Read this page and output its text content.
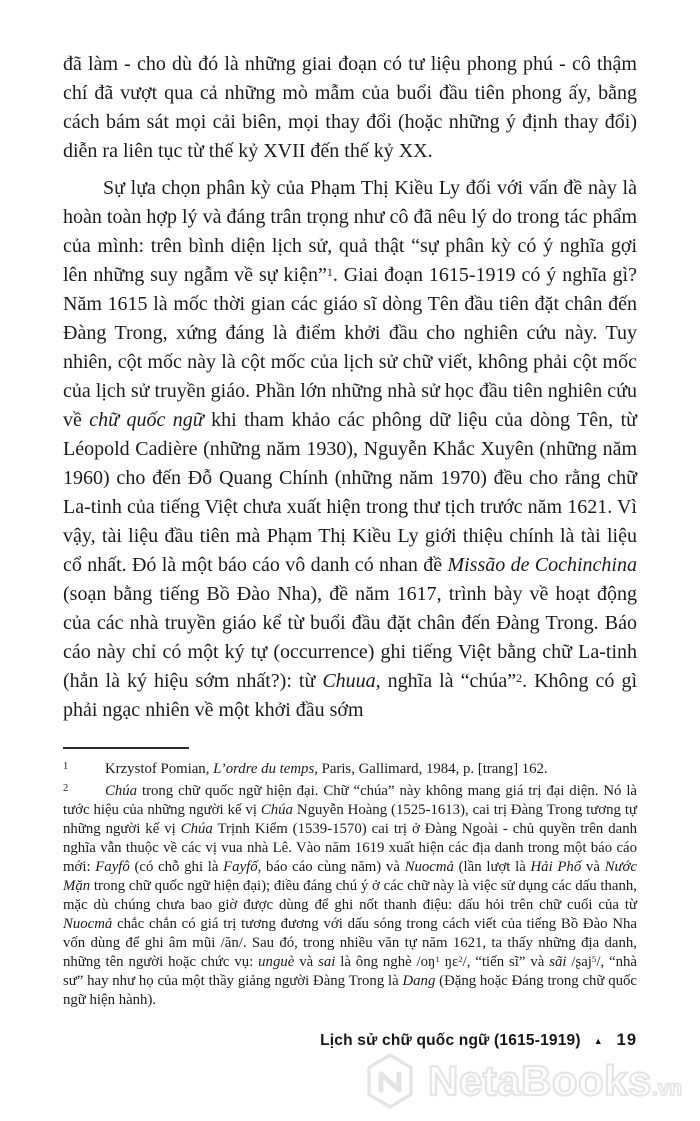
đã làm - cho dù đó là những giai đoạn có tư liệu phong phú - cô thậm chí đã vượt qua cả những mò mẫm của buổi đầu tiên phong ấy, bằng cách bám sát mọi cải biên, mọi thay đổi (hoặc những ý định thay đổi) diễn ra liên tục từ thế kỷ XVII đến thế kỷ XX.

Sự lựa chọn phân kỳ của Phạm Thị Kiều Ly đối với vấn đề này là hoàn toàn hợp lý và đáng trân trọng như cô đã nêu lý do trong tác phẩm của mình: trên bình diện lịch sử, quả thật “sự phân kỳ có ý nghĩa gợi lên những suy ngẫm về sự kiện”$^1$. Giai đoạn 1615-1919 có ý nghĩa gì? Năm 1615 là mốc thời gian các giáo sĩ dòng Tên đầu tiên đặt chân đến Đàng Trong, xứng đáng là điểm khởi đầu cho nghiên cứu này. Tuy nhiên, cột mốc này là cột mốc của lịch sử chữ viết, không phải cột mốc của lịch sử truyền giáo. Phần lớn những nhà sử học đầu tiên nghiên cứu về chữ quốc ngữ khi tham khảo các phông dữ liệu của dòng Tên, từ Léopold Cadière (những năm 1930), Nguyễn Khắc Xuyên (những năm 1960) cho đến Đỗ Quang Chính (những năm 1970) đều cho rằng chữ La-tinh của tiếng Việt chưa xuất hiện trong thư tịch trước năm 1621. Vì vậy, tài liệu đầu tiên mà Phạm Thị Kiều Ly giới thiệu chính là tài liệu cổ nhất. Đó là một báo cáo vô danh có nhan đề Missão de Cochinchina (soạn bằng tiếng Bồ Đào Nha), đề năm 1617, trình bày về hoạt động của các nhà truyền giáo kể từ buổi đầu đặt chân đến Đàng Trong. Báo cáo này chỉ có một ký tự (occurrence) ghi tiếng Việt bằng chữ La-tinh (hẳn là ký hiệu sớm nhất?): từ Chuua, nghĩa là “chúa”$^2$. Không có gì phải ngạc nhiên về một khởi đầu sớm

1 Krzystof Pomian, L’ordre du temps, Paris, Gallimard, 1984, p. [trang] 162.

2 Chúa trong chữ quốc ngữ hiện đại. Chữ “chúa” này không mang giá trị đại diện. Nó là tước hiệu của những người kế vị Chúa Nguyễn Hoàng (1525-1613), cai trị Đàng Trong tương tự những người kế vị Chúa Trịnh Kiểm (1539-1570) cai trị ở Đàng Ngoài - chủ quyền trên danh nghĩa vẫn thuộc về các vị vua nhà Lê. Vào năm 1619 xuất hiện các địa danh trong một báo cáo mới: Fayfô (có chỗ ghi là Fayfố, báo cáo cùng năm) và Nuocmả (lần lượt là Hải Phố và Nước Mặn trong chữ quốc ngữ hiện đại); điều đáng chú ý ở các chữ này là việc sử dụng các dấu thanh, mặc dù chúng chưa bao giờ được dùng để ghi nốt thanh điệu: dấu hỏi trên chữ cuối của từ Nuocmả chắc chắn có giá trị tương đương với dấu sóng trong cách viết của tiếng Bồ Đào Nha vốn dùng để ghi âm mũi /ăn/. Sau đó, trong nhiều văn tự năm 1621, ta thấy những địa danh, những tên người hoặc chức vụ: unguè và sai là ông nghè $/oŋ^1$ ŋɛ$^2$/, “tiến sĩ” và sãi /ʂaj$^5$/, “nhà sư” hay như họ của một thầy giảng người Đàng Trong là Dang (Đặng hoặc Đáng trong chữ quốc ngữ hiện hành).

Lịch sử chữ quốc ngữ (1615-1919) ▲ 19
NetaBooks.vn
